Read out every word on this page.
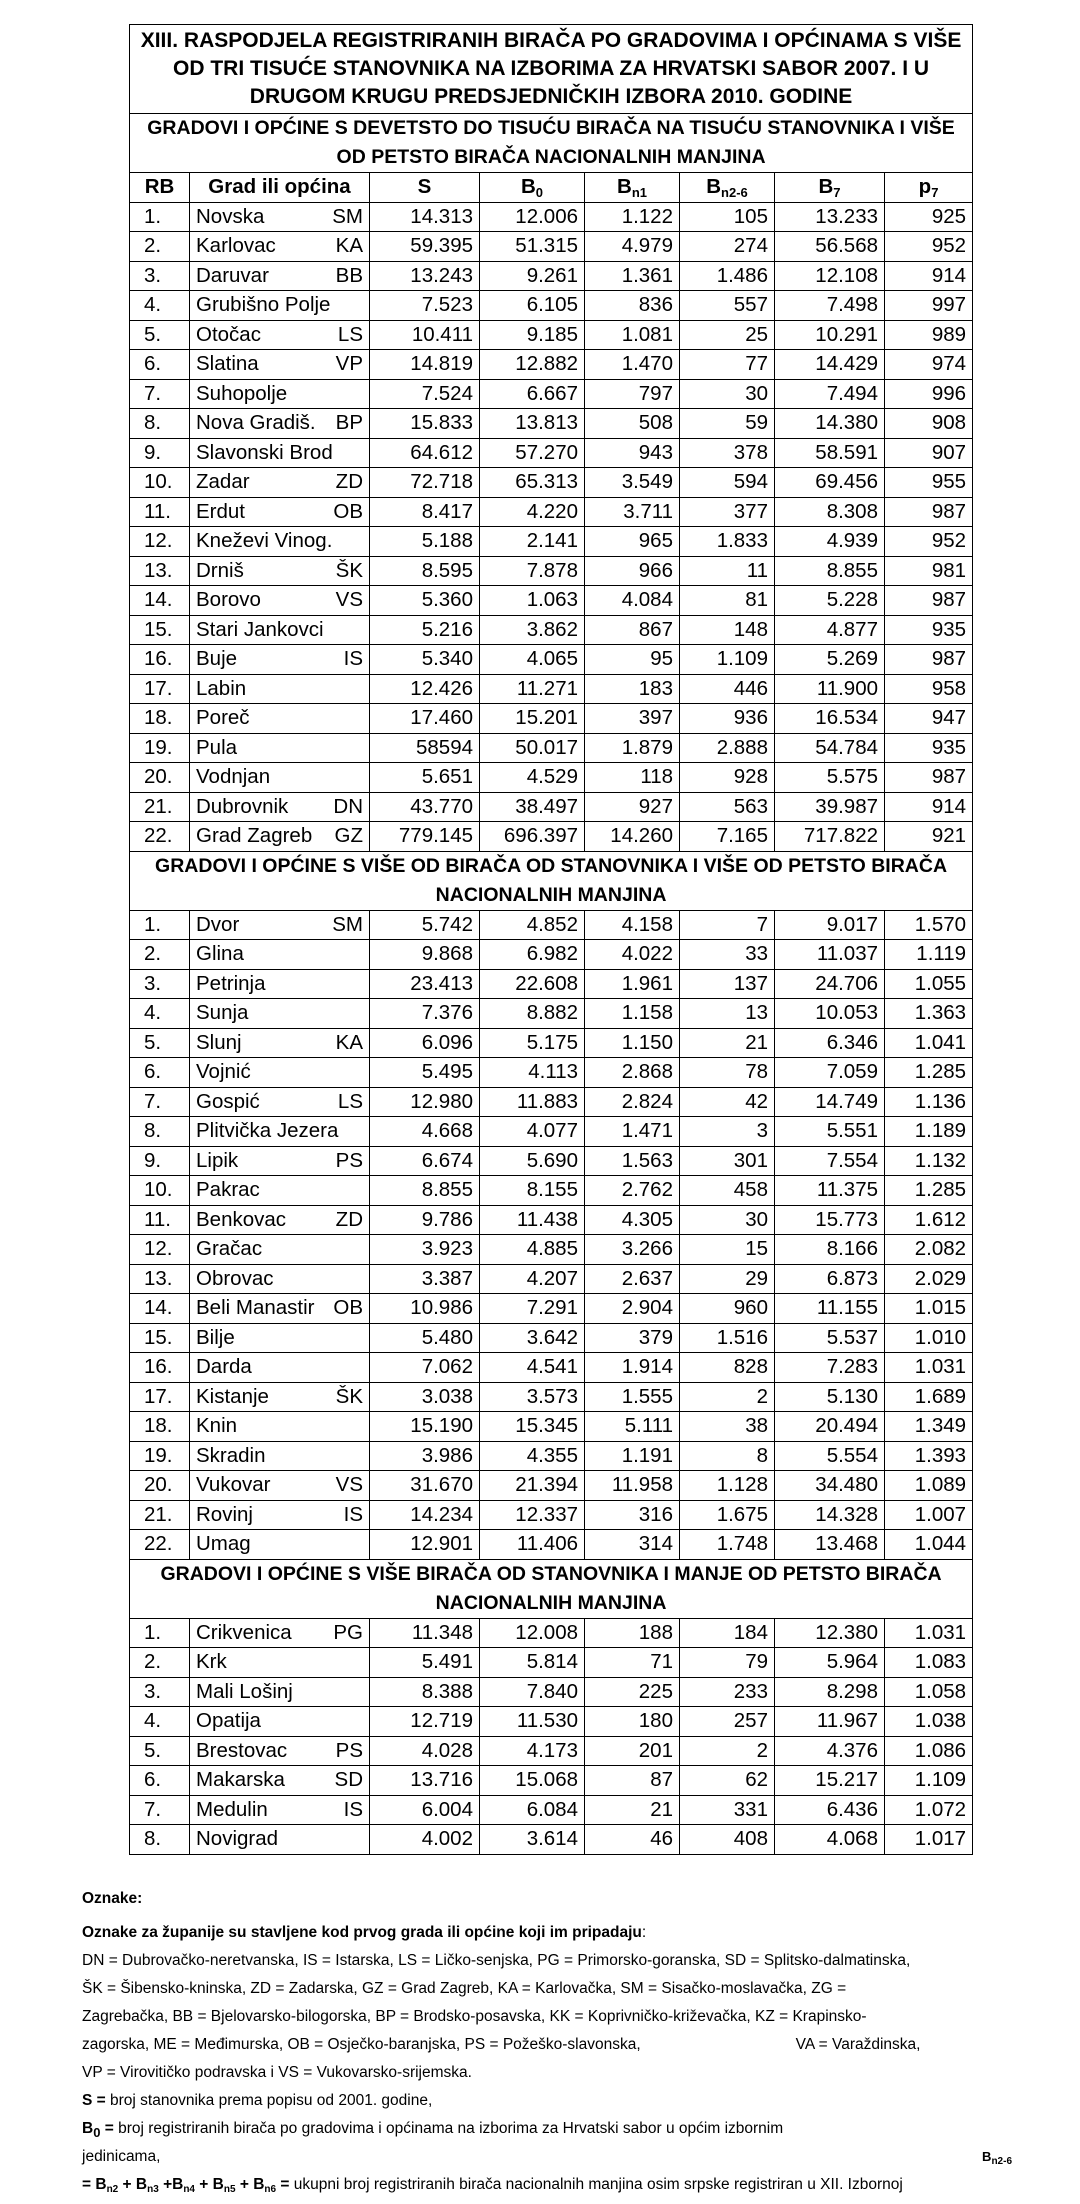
XIII. RASPODJELA REGISTRIRANIH BIRAČA PO GRADOVIMA I OPĆINAMA S VIŠE OD TRI TISUĆE STANOVNIKA NA IZBORIMA ZA HRVATSKI SABOR 2007. I U DRUGOM KRUGU PREDSJEDNIČKIH IZBORA 2010. GODINE							
GRADOVI I OPĆINE S DEVETSTO DO TISUĆU BIRAČA NA TISUĆU STANOVNIKA I VIŠE OD PETSTO BIRAČA NACIONALNIH MANJINA							
RB	Grad ili općina	S	$B_0$	$B_{n1}$	$B_{n2-6}$	$B_7$	$p_7$
1.	Novska SM	14.313	12.006	1.122	105	13.233	925
2.	Karlovac KA	59.395	51.315	4.979	274	56.568	952
3.	Daruvar BB	13.243	9.261	1.361	1.486	12.108	914
4.	Grubišno Polje	7.523	6.105	836	557	7.498	997
5.	Otočac LS	10.411	9.185	1.081	25	10.291	989
6.	Slatina VP	14.819	12.882	1.470	77	14.429	974
7.	Suhopolje	7.524	6.667	797	30	7.494	996
8.	Nova Gradiš. BP	15.833	13.813	508	59	14.380	908
9.	Slavonski Brod	64.612	57.270	943	378	58.591	907
10.	Zadar ZD	72.718	65.313	3.549	594	69.456	955
11.	Erdut OB	8.417	4.220	3.711	377	8.308	987
12.	Kneževi Vinog.	5.188	2.141	965	1.833	4.939	952
13.	Drniš ŠK	8.595	7.878	966	11	8.855	981
14.	Borovo VS	5.360	1.063	4.084	81	5.228	987
15.	Stari Jankovci	5.216	3.862	867	148	4.877	935
16.	Buje IS	5.340	4.065	95	1.109	5.269	987
17.	Labin	12.426	11.271	183	446	11.900	958
18.	Poreč	17.460	15.201	397	936	16.534	947
19.	Pula	58594	50.017	1.879	2.888	54.784	935
20.	Vodnjan	5.651	4.529	118	928	5.575	987
21.	Dubrovnik DN	43.770	38.497	927	563	39.987	914
22.	Grad Zagreb GZ	779.145	696.397	14.260	7.165	717.822	921
GRADOVI I OPĆINE S VIŠE OD BIRAČA OD STANOVNIKA I VIŠE OD PETSTO BIRAČA NACIONALNIH MANJINA							
1.	Dvor SM	5.742	4.852	4.158	7	9.017	1.570
2.	Glina	9.868	6.982	4.022	33	11.037	1.119
3.	Petrinja	23.413	22.608	1.961	137	24.706	1.055
4.	Sunja	7.376	8.882	1.158	13	10.053	1.363
5.	Slunj KA	6.096	5.175	1.150	21	6.346	1.041
6.	Vojnić	5.495	4.113	2.868	78	7.059	1.285
7.	Gospić LS	12.980	11.883	2.824	42	14.749	1.136
8.	Plitvička Jezera	4.668	4.077	1.471	3	5.551	1.189
9.	Lipik PS	6.674	5.690	1.563	301	7.554	1.132
10.	Pakrac	8.855	8.155	2.762	458	11.375	1.285
11.	Benkovac ZD	9.786	11.438	4.305	30	15.773	1.612
12.	Gračac	3.923	4.885	3.266	15	8.166	2.082
13.	Obrovac	3.387	4.207	2.637	29	6.873	2.029
14.	Beli Manastir OB	10.986	7.291	2.904	960	11.155	1.015
15.	Bilje	5.480	3.642	379	1.516	5.537	1.010
16.	Darda	7.062	4.541	1.914	828	7.283	1.031
17.	Kistanje ŠK	3.038	3.573	1.555	2	5.130	1.689
18.	Knin	15.190	15.345	5.111	38	20.494	1.349
19.	Skradin	3.986	4.355	1.191	8	5.554	1.393
20.	Vukovar VS	31.670	21.394	11.958	1.128	34.480	1.089
21.	Rovinj IS	14.234	12.337	316	1.675	14.328	1.007
22.	Umag	12.901	11.406	314	1.748	13.468	1.044
GRADOVI I OPĆINE S VIŠE BIRAČA OD STANOVNIKA I MANJE OD PETSTO BIRAČA NACIONALNIH MANJINA							
1.	Crikvenica PG	11.348	12.008	188	184	12.380	1.031
2.	Krk	5.491	5.814	71	79	5.964	1.083
3.	Mali Lošinj	8.388	7.840	225	233	8.298	1.058
4.	Opatija	12.719	11.530	180	257	11.967	1.038
5.	Brestovac PS	4.028	4.173	201	2	4.376	1.086
6.	Makarska SD	13.716	15.068	87	62	15.217	1.109
7.	Medulin IS	6.004	6.084	21	331	6.436	1.072
8.	Novigrad	4.002	3.614	46	408	4.068	1.017

Oznake:

Oznake za županije su stavljene kod prvog grada ili općine koji im pripadaju:

DN = Dubrovačko-neretvanska, IS = Istarska, LS = Ličko-senjska, PG = Primorsko-goranska, SD = Splitsko-dalmatinska,

ŠK = Šibensko-kninska, ZD = Zadarska, GZ = Grad Zagreb, KA = Karlovačka, SM = Sisačko-moslavačka, ZG =

Zagrebačka, BB = Bjelovarsko-bilogorska, BP = Brodsko-posavska, KK = Koprivničko-križevačka, KZ = Krapinsko-

zagorska, ME = Međimurska, OB = Osječko-baranjska, PS = Požeško-slavonska,	VA = Varaždinska,

VP = Virovitičko podravska i VS = Vukovarsko-srijemska.

S = broj stanovnika prema popisu od 2001. godine,

$B_0$ = broj registriranih birača po gradovima i općinama na izborima za Hrvatski sabor u općim izbornim

jedinicama,	$B_{n2-6}$

= Bn2 + Bn3 +Bn4 + Bn5 + Bn6 = ukupni broj registriranih birača nacionalnih manjina osim srpske registriran u XII. Izbornoj
